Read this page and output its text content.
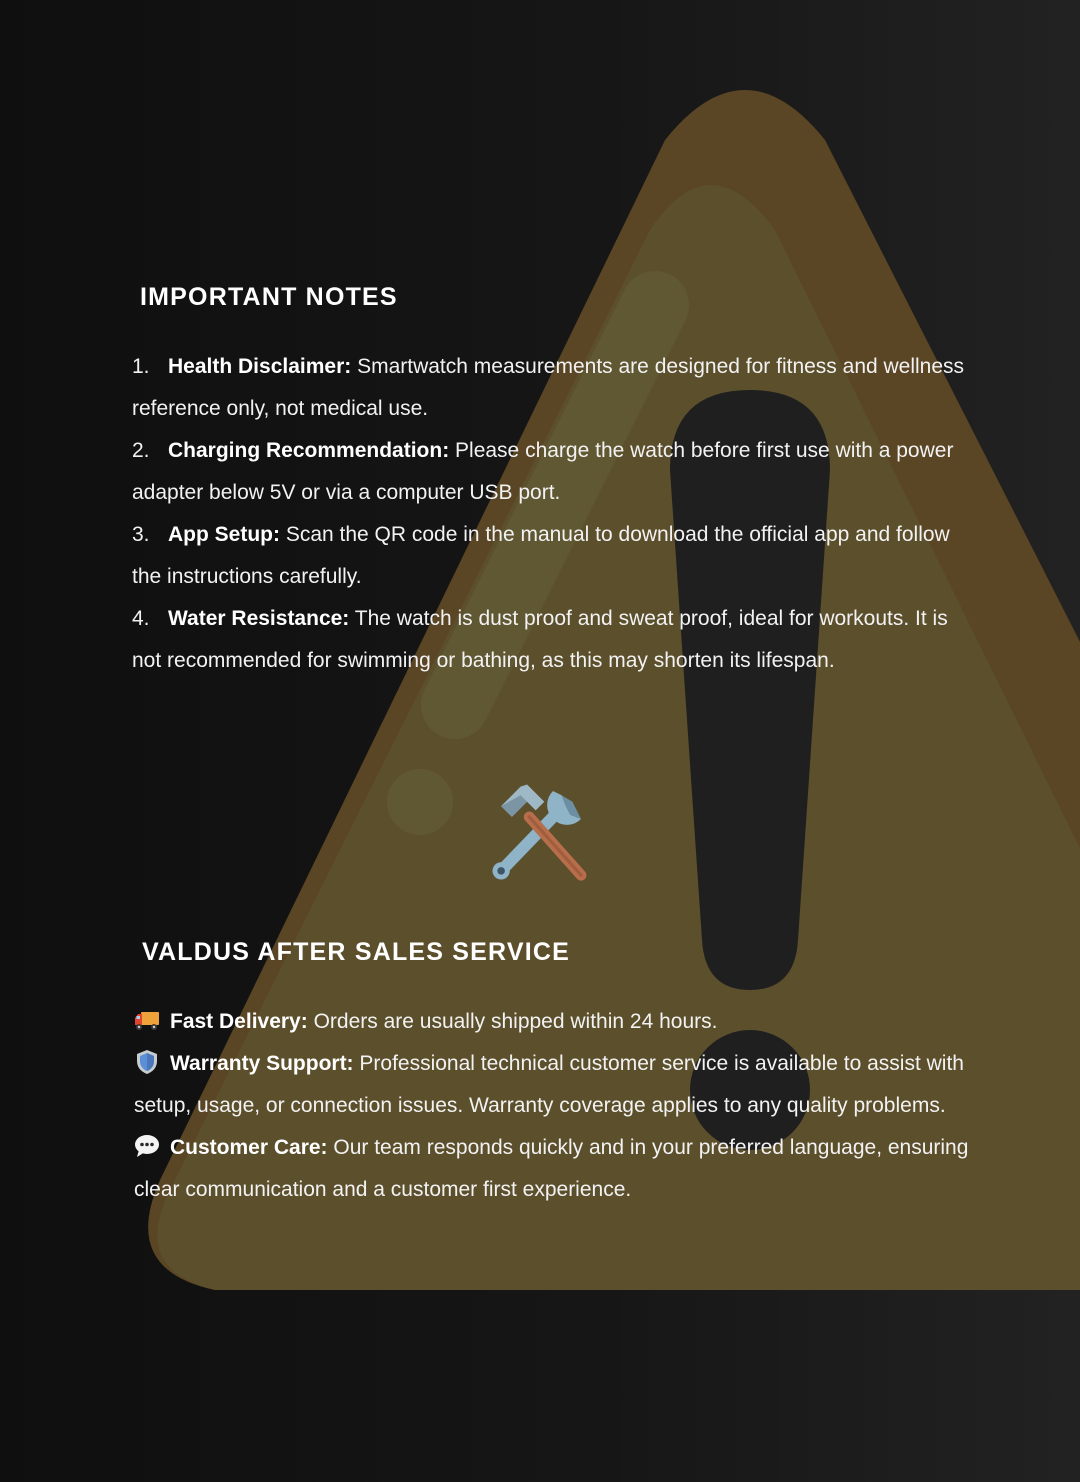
IMPORTANT NOTES
1. Health Disclaimer: Smartwatch measurements are designed for fitness and wellness reference only, not medical use.
2. Charging Recommendation: Please charge the watch before first use with a power adapter below 5V or via a computer USB port.
3. App Setup: Scan the QR code in the manual to download the official app and follow the instructions carefully.
4. Water Resistance: The watch is dust proof and sweat proof, ideal for workouts. It is not recommended for swimming or bathing, as this may shorten its lifespan.
VALDUS AFTER SALES SERVICE
Fast Delivery: Orders are usually shipped within 24 hours.
Warranty Support: Professional technical customer service is available to assist with setup, usage, or connection issues. Warranty coverage applies to any quality problems.
Customer Care: Our team responds quickly and in your preferred language, ensuring clear communication and a customer first experience.
